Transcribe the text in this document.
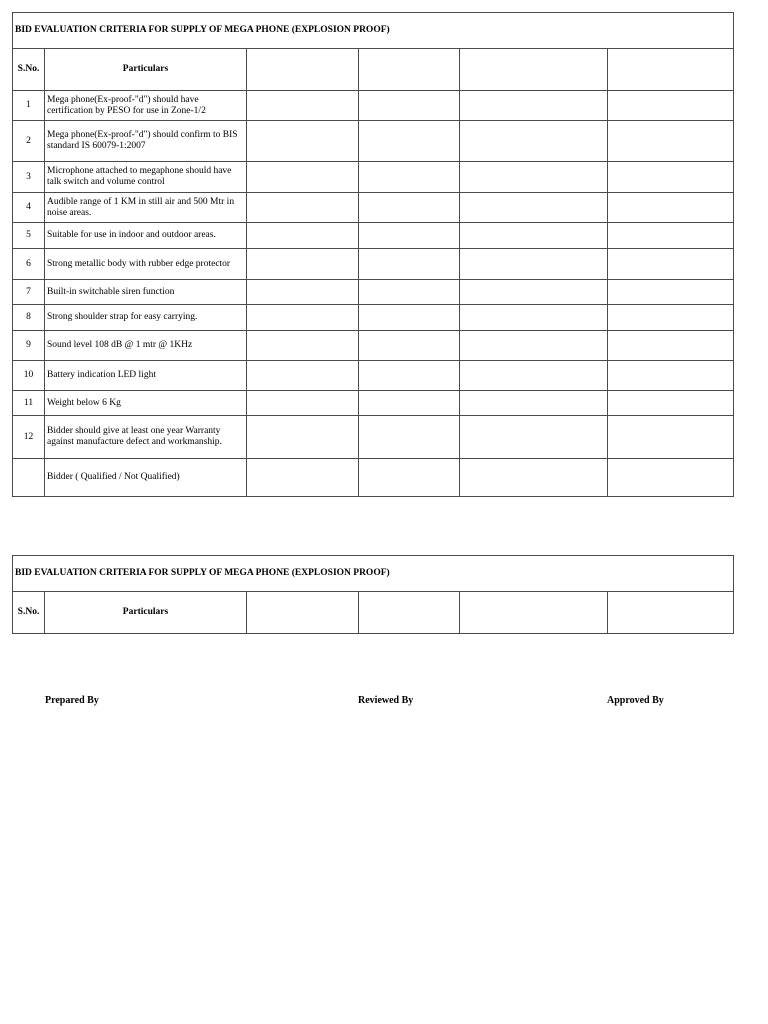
BID EVALUATION CRITERIA FOR SUPPLY OF MEGA PHONE (EXPLOSION PROOF)					
S.No.	Particulars				
1	Mega phone(Ex-proof-"d") should have certification by PESO for use in Zone-1/2				
2	Mega phone(Ex-proof-"d") should confirm to BIS standard IS 60079-1:2007				
3	Microphone attached to megaphone should have talk switch and volume control				
4	Audible range of 1 KM in still air and 500 Mtr in noise areas.				
5	Suitable for use in indoor and outdoor areas.				
6	Strong metallic body with rubber edge protector				
7	Built-in switchable siren function				
8	Strong shoulder strap for easy carrying.				
9	Sound level 108 dB @ 1 mtr @ 1KHz				
10	Battery indication LED light				
11	Weight below 6 Kg				
12	Bidder should give at least one year Warranty against manufacture defect and workmanship.				
	Bidder ( Qualified / Not Qualified)				
BID EVALUATION CRITERIA FOR SUPPLY OF MEGA PHONE (EXPLOSION PROOF)
S.No.	Particulars				
Prepared By	Reviewed By	Approved By
